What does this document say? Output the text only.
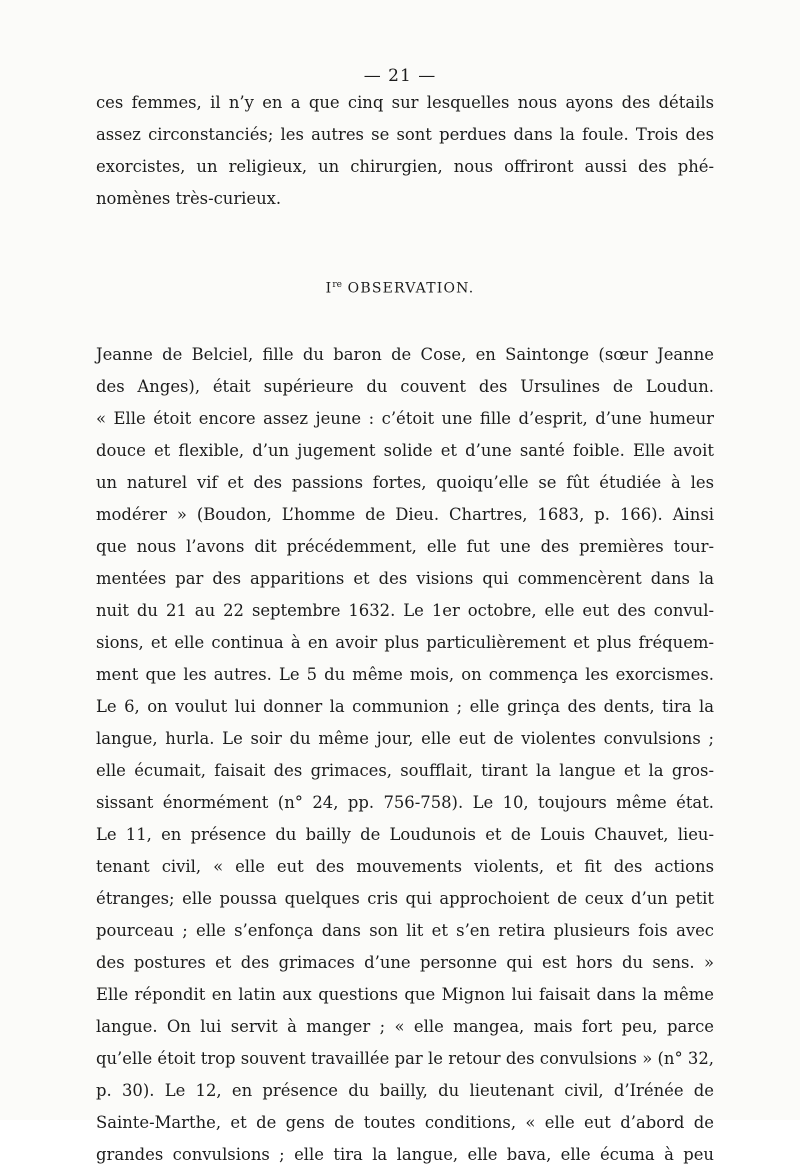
— 21 —
ces femmes, il n’y en a que cinq sur lesquelles nous ayons des détails
assez circonstanciés; les autres se sont perdues dans la foule. Trois des
exorcistes, un religieux, un chirurgien, nous offriront aussi des phé-
nomènes très-curieux.
Ire OBSERVATION.
Jeanne de Belciel, fille du baron de Cose, en Saintonge (sœur Jeanne
des Anges), était supérieure du couvent des Ursulines de Loudun.
« Elle étoit encore assez jeune : c’étoit une fille d’esprit, d’une humeur
douce et flexible, d’un jugement solide et d’une santé foible. Elle avoit
un naturel vif et des passions fortes, quoiqu’elle se fût étudiée à les
modérer » (Boudon, L’homme de Dieu. Chartres, 1683, p. 166). Ainsi
que nous l’avons dit précédemment, elle fut une des premières tour-
mentées par des apparitions et des visions qui commencèrent dans la
nuit du 21 au 22 septembre 1632. Le 1er octobre, elle eut des convul-
sions, et elle continua à en avoir plus particulièrement et plus fréquem-
ment que les autres. Le 5 du même mois, on commença les exorcismes.
Le 6, on voulut lui donner la communion ; elle grinça des dents, tira la
langue, hurla. Le soir du même jour, elle eut de violentes convulsions ;
elle écumait, faisait des grimaces, soufflait, tirant la langue et la gros-
sissant énormément (n° 24, pp. 756-758). Le 10, toujours même état.
Le 11, en présence du bailly de Loudunois et de Louis Chauvet, lieu-
tenant civil, « elle eut des mouvements violents, et fit des actions
étranges; elle poussa quelques cris qui approchoient de ceux d’un petit
pourceau ; elle s’enfonça dans son lit et s’en retira plusieurs fois avec
des postures et des grimaces d’une personne qui est hors du sens. »
Elle répondit en latin aux questions que Mignon lui faisait dans la même
langue. On lui servit à manger ; « elle mangea, mais fort peu, parce
qu’elle étoit trop souvent travaillée par le retour des convulsions » (n° 32,
p. 30). Le 12, en présence du bailly, du lieutenant civil, d’Irénée de
Sainte-Marthe, et de gens de toutes conditions, « elle eut d’abord de
grandes convulsions ; elle tira la langue, elle bava, elle écuma à peu
